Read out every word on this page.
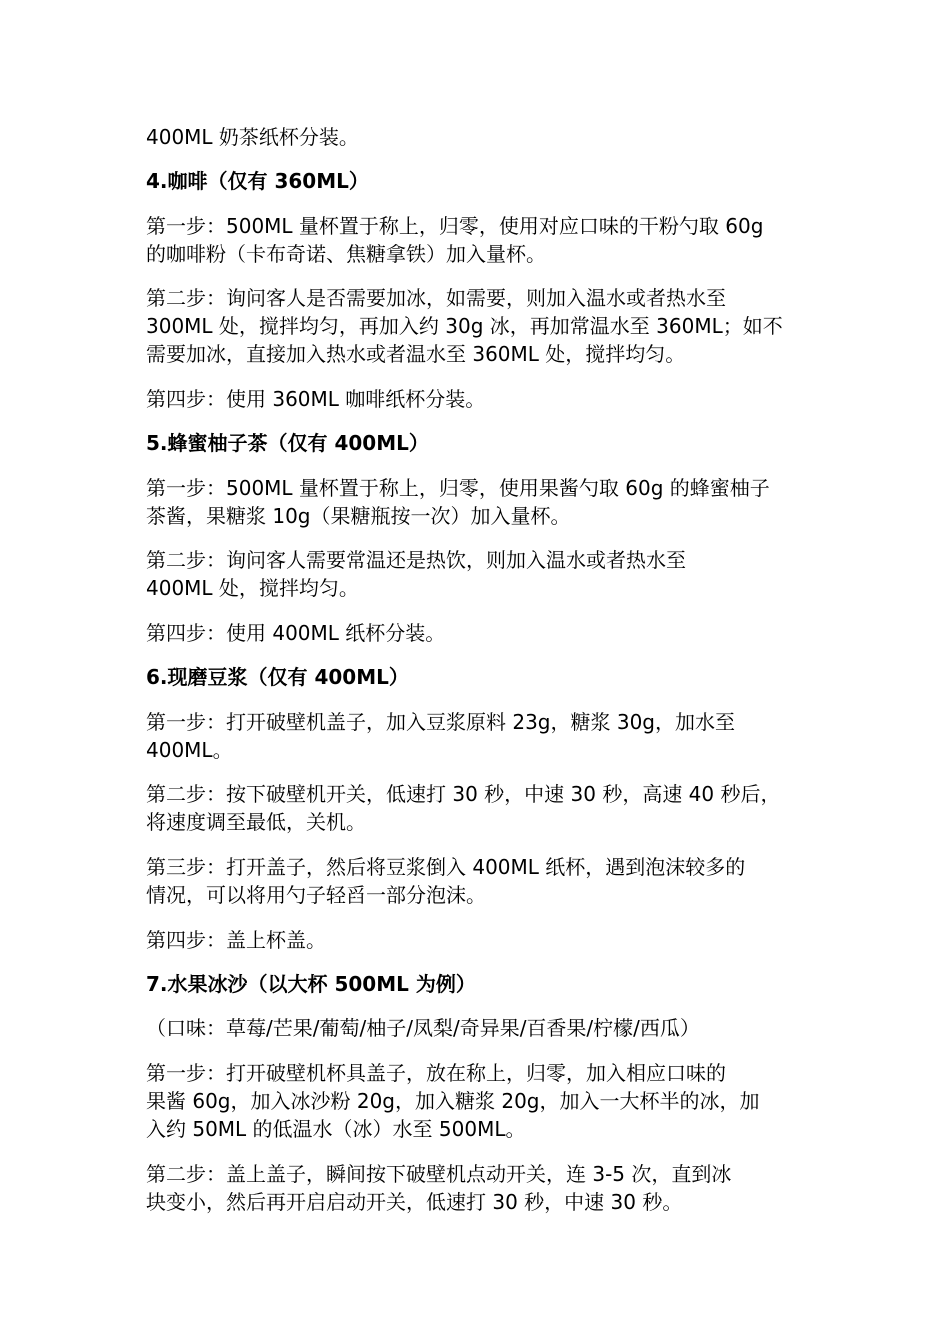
400ML 奶茶纸杯分装。

4.咖啡（仅有 360ML）

第一步：500ML 量杯置于称上，归零，使用对应口味的干粉勺取 60g
的咖啡粉（卡布奇诺、焦糖拿铁）加入量杯。

第二步：询问客人是否需要加冰，如需要，则加入温水或者热水至
300ML 处，搅拌均匀，再加入约 30g 冰，再加常温水至 360ML；如不
需要加冰，直接加入热水或者温水至 360ML 处，搅拌均匀。

第四步：使用 360ML 咖啡纸杯分装。

5.蜂蜜柚子茶（仅有 400ML）

第一步：500ML 量杯置于称上，归零，使用果酱勺取 60g 的蜂蜜柚子
茶酱，果糖浆 10g（果糖瓶按一次）加入量杯。

第二步：询问客人需要常温还是热饮，则加入温水或者热水至
400ML 处，搅拌均匀。

第四步：使用 400ML 纸杯分装。

6.现磨豆浆（仅有 400ML）

第一步：打开破壁机盖子，加入豆浆原料 23g，糖浆 30g，加水至
400ML。

第二步：按下破壁机开关，低速打 30 秒，中速 30 秒，高速 40 秒后，
将速度调至最低，关机。

第三步：打开盖子，然后将豆浆倒入 400ML 纸杯，遇到泡沫较多的
情况，可以将用勺子轻舀一部分泡沫。

第四步：盖上杯盖。

7.水果冰沙（以大杯 500ML 为例）

（口味：草莓/芒果/葡萄/柚子/凤梨/奇异果/百香果/柠檬/西瓜）

第一步：打开破壁机杯具盖子，放在称上，归零，加入相应口味的
果酱 60g，加入冰沙粉 20g，加入糖浆 20g，加入一大杯半的冰，加
入约 50ML 的低温水（冰）水至 500ML。

第二步：盖上盖子，瞬间按下破壁机点动开关，连 3-5 次，直到冰
块变小，然后再开启启动开关，低速打 30 秒，中速 30 秒。
